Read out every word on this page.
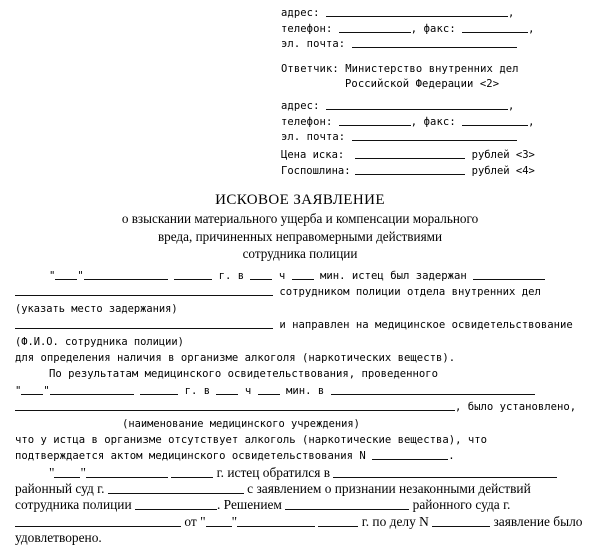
адрес:	,
телефон:	, факс:	,
эл. почта:
Ответчик: Министерство внутренних дел
Российской Федерации <2>
адрес:	,
телефон:	, факс:	,
эл. почта:
Цена иска:	рублей <3>
Госпошлина:	рублей <4>
ИСКОВОЕ ЗАЯВЛЕНИЕ
о взыскании материального ущерба и компенсации морального
вреда, причиненных неправомерными действиями
сотрудника полиции
" "	г. в	ч	мин. истец был задержан
сотрудником полиции отдела внутренних дел
(указать место задержания)
и направлен на медицинское освидетельствование
(Ф.И.О. сотрудника полиции)
для определения наличия в организме алкоголя (наркотических веществ).
По результатам медицинского освидетельствования, проведенного
" "	г. в	ч	мин. в
, было установлено,
(наименование медицинского учреждения)
что у истца в организме отсутствует алкоголь (наркотические вещества), что
подтверждается актом медицинского освидетельствования N	.
" "	г. истец обратился в
районный суд г.	с заявлением о признании незаконными действий
сотрудника полиции	. Решением	районного суда г.
от " "	г. по делу N	заявление было
удовлетворено.
